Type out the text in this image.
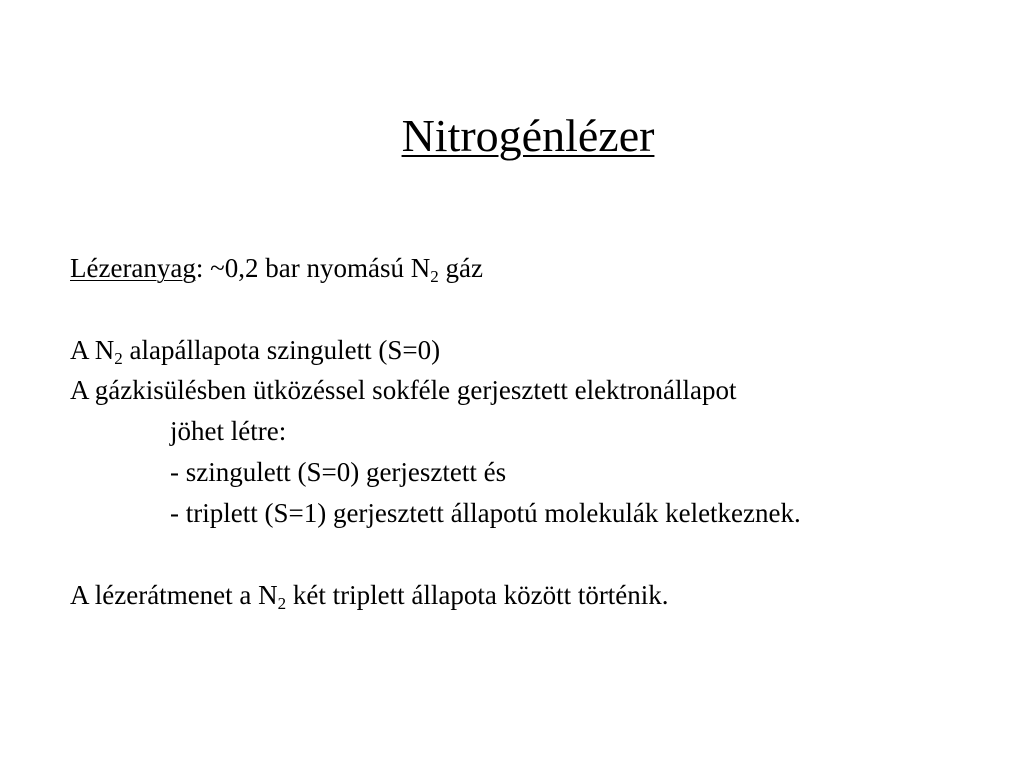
Nitrogénlézer
Lézeranyag: ~0,2 bar nyomású $N_2$ gáz
A $N_2$ alapállapota szingulett (S=0)
A gázkisülésben ütközéssel sokféle gerjesztett elektronállapot
jöhet létre:
- szingulett (S=0) gerjesztett és
- triplett (S=1) gerjesztett állapotú molekulák keletkeznek.
A lézerátmenet a $N_2$ két triplett állapota között történik.
